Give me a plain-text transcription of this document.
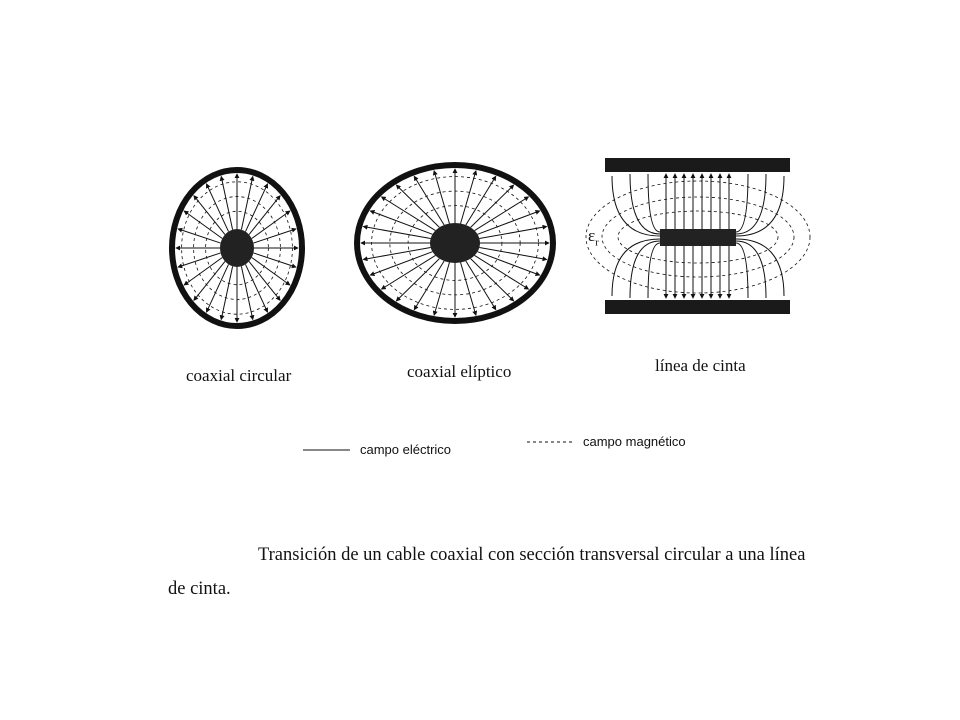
coaxial circular	coaxial elíptico	línea de cinta
$\varepsilon_r$
campo eléctrico
campo magnético
Transición de un cable coaxial con sección transversal circular a una línea de cinta.
